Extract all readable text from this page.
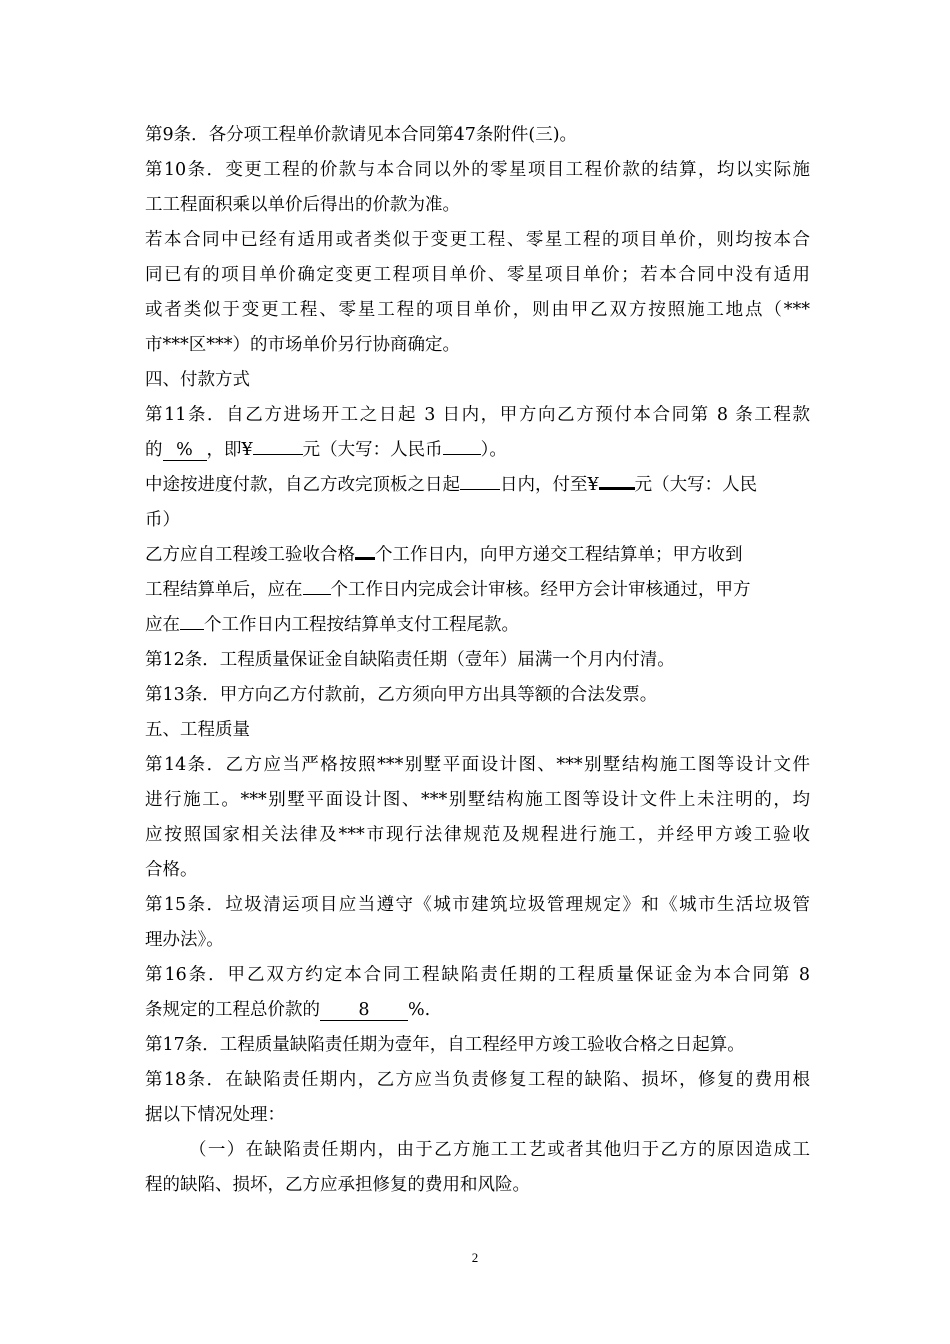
第9条．各分项工程单价款请见本合同第47条附件(三)。
第10条．变更工程的价款与本合同以外的零星项目工程价款的结算，均以实际施
工工程面积乘以单价后得出的价款为准。
若本合同中已经有适用或者类似于变更工程、零星工程的项目单价，则均按本合
同已有的项目单价确定变更工程项目单价、零星项目单价；若本合同中没有适用
或者类似于变更工程、零星工程的项目单价，则由甲乙双方按照施工地点（***
市***区***）的市场单价另行协商确定。
四、付款方式
第11条．自乙方进场开工之日起 3 日内，甲方向乙方预付本合同第 8 条工程款
的 % ，即¥	元（大写：人民币 ）。
中途按进度付款，自乙方改完顶板之日起 日内，付至¥ 元（大写：人民
币）
乙方应自工程竣工验收合格 个工作日内，向甲方递交工程结算单；甲方收到
工程结算单后，应在 个工作日内完成会计审核。经甲方会计审核通过，甲方
应在 个工作日内工程按结算单支付工程尾款。
第12条．工程质量保证金自缺陷责任期（壹年）届满一个月内付清。
第13条．甲方向乙方付款前，乙方须向甲方出具等额的合法发票。
五、工程质量
第14条．乙方应当严格按照***别墅平面设计图、***别墅结构施工图等设计文件
进行施工。***别墅平面设计图、***别墅结构施工图等设计文件上未注明的，均
应按照国家相关法律及***市现行法律规范及规程进行施工，并经甲方竣工验收
合格。
第15条．垃圾清运项目应当遵守《城市建筑垃圾管理规定》和《城市生活垃圾管
理办法》。
第16条．甲乙双方约定本合同工程缺陷责任期的工程质量保证金为本合同第 8
条规定的工程总价款的 8 %.
第17条．工程质量缺陷责任期为壹年，自工程经甲方竣工验收合格之日起算。
第18条．在缺陷责任期内，乙方应当负责修复工程的缺陷、损坏，修复的费用根
据以下情况处理：
（一）在缺陷责任期内，由于乙方施工工艺或者其他归于乙方的原因造成工
程的缺陷、损坏，乙方应承担修复的费用和风险。
2
